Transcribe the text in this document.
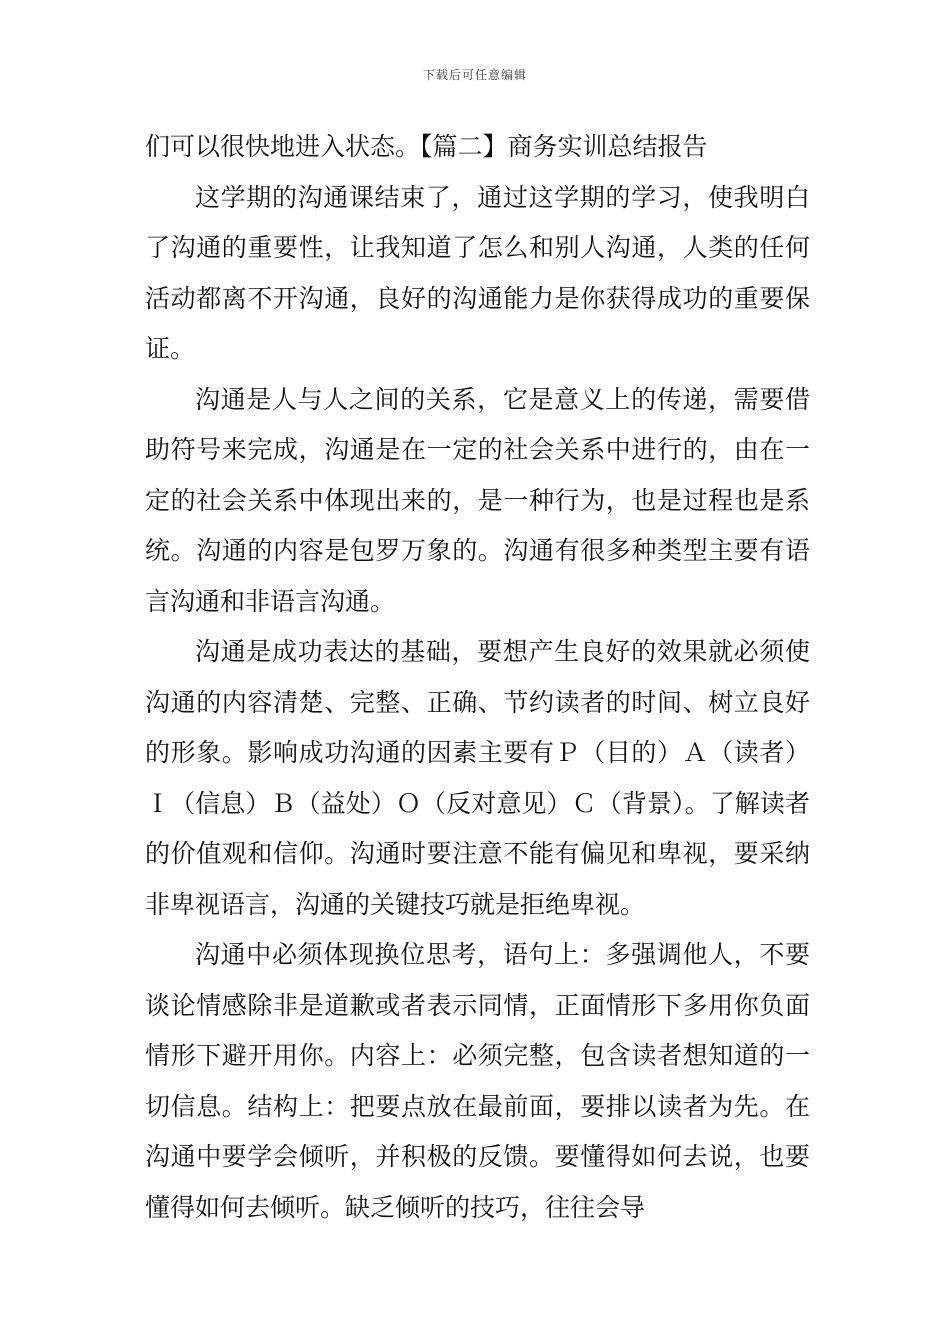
下载后可任意编辑

们可以很快地进入状态。【篇二】商务实训总结报告

这学期的沟通课结束了，通过这学期的学习，使我明白了沟通的重要性，让我知道了怎么和别人沟通，人类的任何活动都离不开沟通，良好的沟通能力是你获得成功的重要保证。

沟通是人与人之间的关系，它是意义上的传递，需要借助符号来完成，沟通是在一定的社会关系中进行的，由在一定的社会关系中体现出来的，是一种行为，也是过程也是系统。沟通的内容是包罗万象的。沟通有很多种类型主要有语言沟通和非语言沟通。

沟通是成功表达的基础，要想产生良好的效果就必须使沟通的内容清楚、完整、正确、节约读者的时间、树立良好的形象。影响成功沟通的因素主要有Ｐ（目的）Ａ（读者）Ｉ（信息）Ｂ（益处）Ｏ（反对意见）Ｃ（背景）。了解读者的价值观和信仰。沟通时要注意不能有偏见和卑视，要采纳非卑视语言，沟通的关键技巧就是拒绝卑视。

沟通中必须体现换位思考，语句上：多强调他人，不要谈论情感除非是道歉或者表示同情，正面情形下多用你负面情形下避开用你。内容上：必须完整，包含读者想知道的一切信息。结构上：把要点放在最前面，要排以读者为先。在沟通中要学会倾听，并积极的反馈。要懂得如何去说，也要懂得如何去倾听。缺乏倾听的技巧，往往会导
